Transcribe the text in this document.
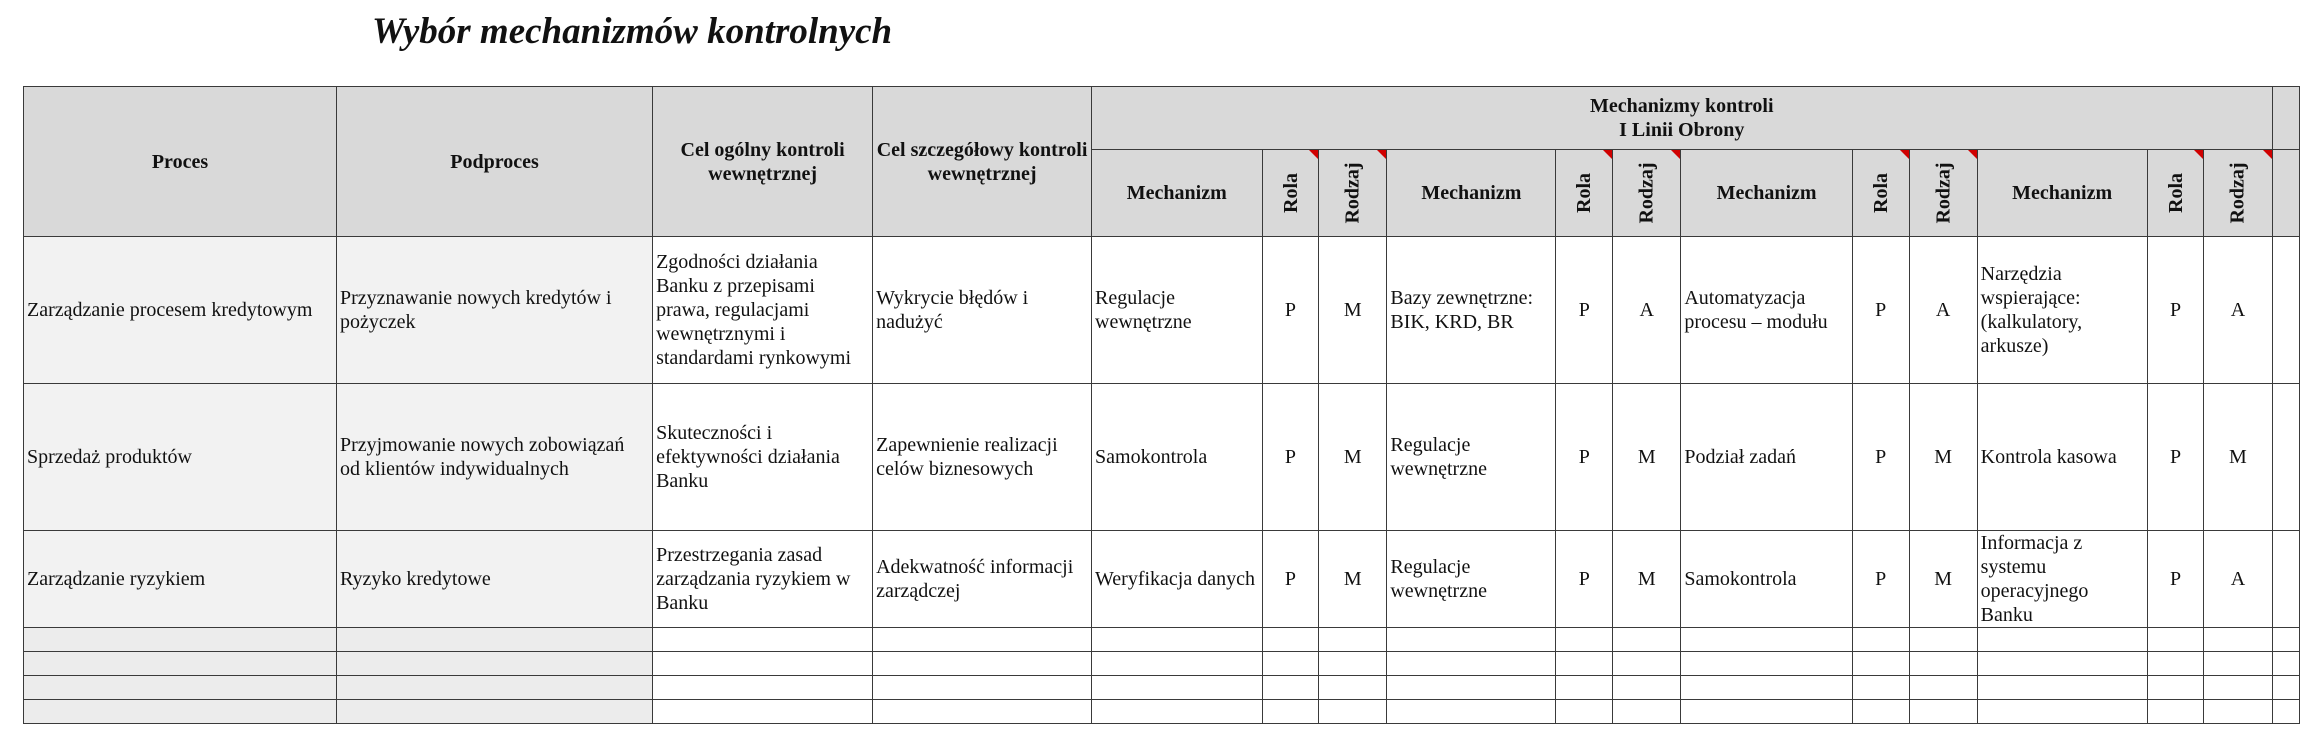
Wybór mechanizmów kontrolnych
Proces	Podproces	Cel ogólny kontroli wewnętrznej	Cel szczegółowy kontroli wewnętrznej	Mechanizmy kontroli
I Linii Obrony												

				Mechanizm	Rola	Rodzaj	Mechanizm	Rola	Rodzaj	Mechanizm	Rola	Rodzaj	Mechanizm	Rola	Rodzaj	

Zarządzanie procesem kredytowym	Przyznawanie nowych kredytów i pożyczek	Zgodności działania Banku z przepisami prawa, regulacjami wewnętrznymi i standardami rynkowymi	Wykrycie błędów i nadużyć	Regulacje wewnętrzne	P	M	Bazy zewnętrzne: BIK, KRD, BR	P	A	Automatyzacja procesu – modułu	P	A	Narzędzia wspierające: (kalkulatory, arkusze)	P	A	
Sprzedaż produktów	Przyjmowanie nowych zobowiązań od klientów indywidualnych	Skuteczności i efektywności działania Banku	Zapewnienie realizacji celów biznesowych	Samokontrola	P	M	Regulacje wewnętrzne	P	M	Podział zadań	P	M	Kontrola kasowa	P	M	
Zarządzanie ryzykiem	Ryzyko kredytowe	Przestrzegania zasad zarządzania ryzykiem w Banku	Adekwatność informacji zarządczej	Weryfikacja danych	P	M	Regulacje wewnętrzne	P	M	Samokontrola	P	M	Informacja z systemu operacyjnego Banku	P	A	
